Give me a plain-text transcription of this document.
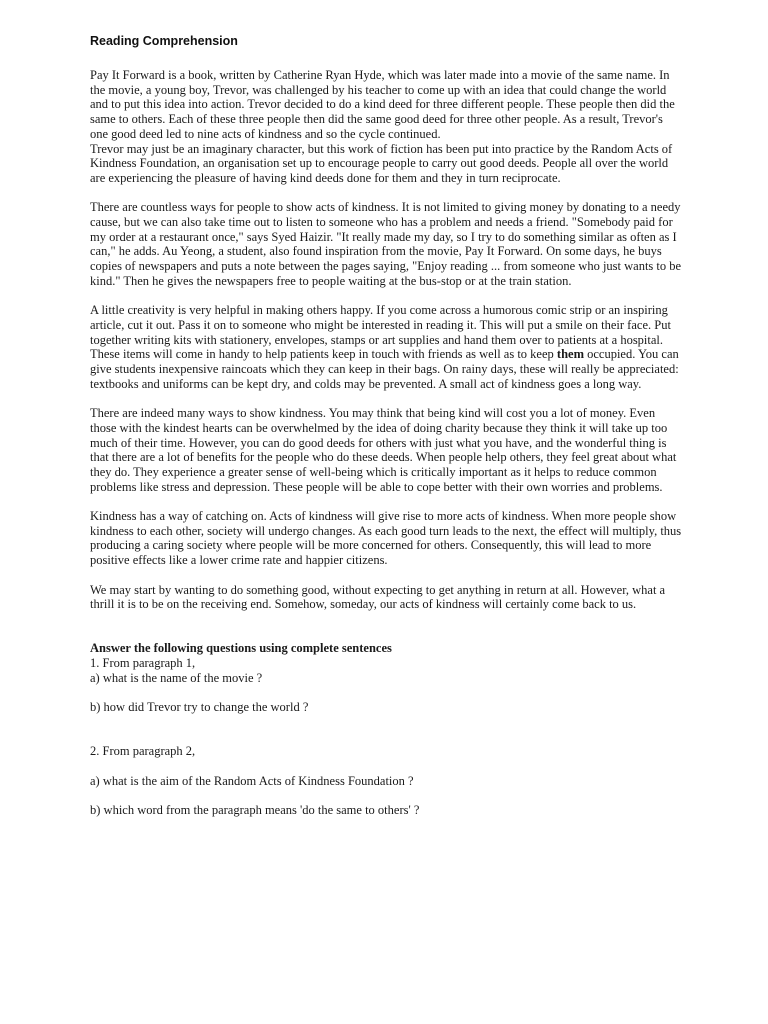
Reading Comprehension

Pay It Forward is a book, written by Catherine Ryan Hyde, which was later made into a movie of the same name. In the movie, a young boy, Trevor, was challenged by his teacher to come up with an idea that could change the world and to put this idea into action. Trevor decided to do a kind deed for three different people. These people then did the same to others. Each of these three people then did the same good deed for three other people. As a result, Trevor's one good deed led to nine acts of kindness and so the cycle continued.

Trevor may just be an imaginary character, but this work of fiction has been put into practice by the Random Acts of Kindness Foundation, an organisation set up to encourage people to carry out good deeds. People all over the world are experiencing the pleasure of having kind deeds done for them and they in turn reciprocate.

There are countless ways for people to show acts of kindness. It is not limited to giving money by donating to a needy cause, but we can also take time out to listen to someone who has a problem and needs a friend. "Somebody paid for my order at a restaurant once," says Syed Haizir. "It really made my day, so I try to do something similar as often as I can," he adds. Au Yeong, a student, also found inspiration from the movie, Pay It Forward. On some days, he buys copies of newspapers and puts a note between the pages saying, "Enjoy reading ... from someone who just wants to be kind." Then he gives the newspapers free to people waiting at the bus-stop or at the train station.

A little creativity is very helpful in making others happy. If you come across a humorous comic strip or an inspiring article, cut it out. Pass it on to someone who might be interested in reading it. This will put a smile on their face. Put together writing kits with stationery, envelopes, stamps or art supplies and hand them over to patients at a hospital. These items will come in handy to help patients keep in touch with friends as well as to keep them occupied. You can give students inexpensive raincoats which they can keep in their bags. On rainy days, these will really be appreciated: textbooks and uniforms can be kept dry, and colds may be prevented. A small act of kindness goes a long way.

There are indeed many ways to show kindness. You may think that being kind will cost you a lot of money. Even those with the kindest hearts can be overwhelmed by the idea of doing charity because they think it will take up too much of their time. However, you can do good deeds for others with just what you have, and the wonderful thing is that there are a lot of benefits for the people who do these deeds. When people help others, they feel great about what they do. They experience a greater sense of well-being which is critically important as it helps to reduce common problems like stress and depression. These people will be able to cope better with their own worries and problems.

Kindness has a way of catching on. Acts of kindness will give rise to more acts of kindness. When more people show kindness to each other, society will undergo changes. As each good turn leads to the next, the effect will multiply, thus producing a caring society where people will be more concerned for others. Consequently, this will lead to more positive effects like a lower crime rate and happier citizens.

We may start by wanting to do something good, without expecting to get anything in return at all. However, what a thrill it is to be on the receiving end. Somehow, someday, our acts of kindness will certainly come back to us.

Answer the following questions using complete sentences

1. From paragraph 1,

a) what is the name of the movie ?

b) how did Trevor try to change the world ?

2. From paragraph 2,

a) what is the aim of the Random Acts of Kindness Foundation ?

b) which word from the paragraph means 'do the same to others' ?
